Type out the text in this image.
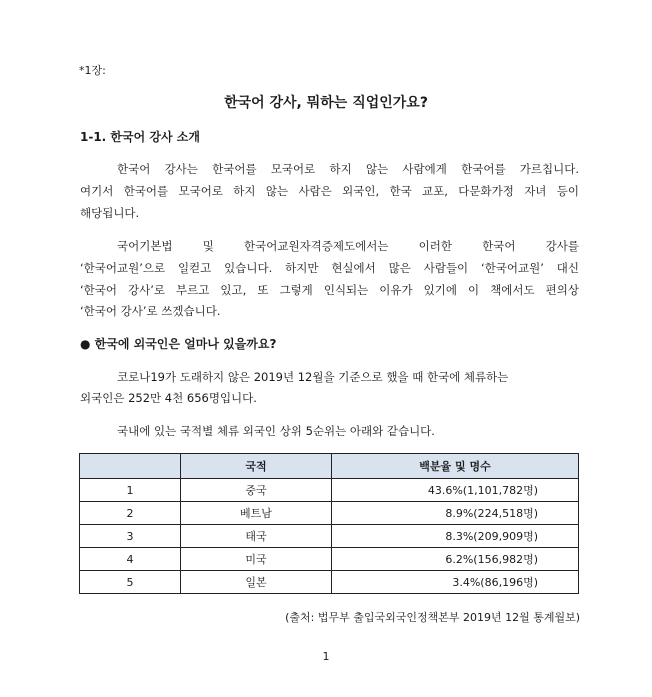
*1장:
한국어 강사, 뭐하는 직업인가요?
1-1. 한국어 강사 소개
한국어 강사는 한국어를 모국어로 하지 않는 사람에게 한국어를 가르칩니다.
여기서 한국어를 모국어로 하지 않는 사람은 외국인, 한국 교포, 다문화가정 자녀 등이
해당됩니다.
국어기본법 및 한국어교원자격증제도에서는 이러한 한국어 강사를
‘한국어교원’으로 일컫고 있습니다. 하지만 현실에서 많은 사람들이 ‘한국어교원’ 대신
‘한국어 강사’로 부르고 있고, 또 그렇게 인식되는 이유가 있기에 이 책에서도 편의상
‘한국어 강사’로 쓰겠습니다.
● 한국에 외국인은 얼마나 있을까요?
코로나19가 도래하지 않은 2019년 12월을 기준으로 했을 때 한국에 체류하는
외국인은 252만 4천 656명입니다.
국내에 있는 국적별 체류 외국인 상위 5순위는 아래와 같습니다.
	국적	백분율 및 명수
1	중국	43.6%(1,101,782명)
2	베트남	8.9%(224,518명)
3	태국	8.3%(209,909명)
4	미국	6.2%(156,982명)
5	일본	3.4%(86,196명)
(출처: 법무부 출입국외국인정책본부 2019년 12월 통계월보)
1
